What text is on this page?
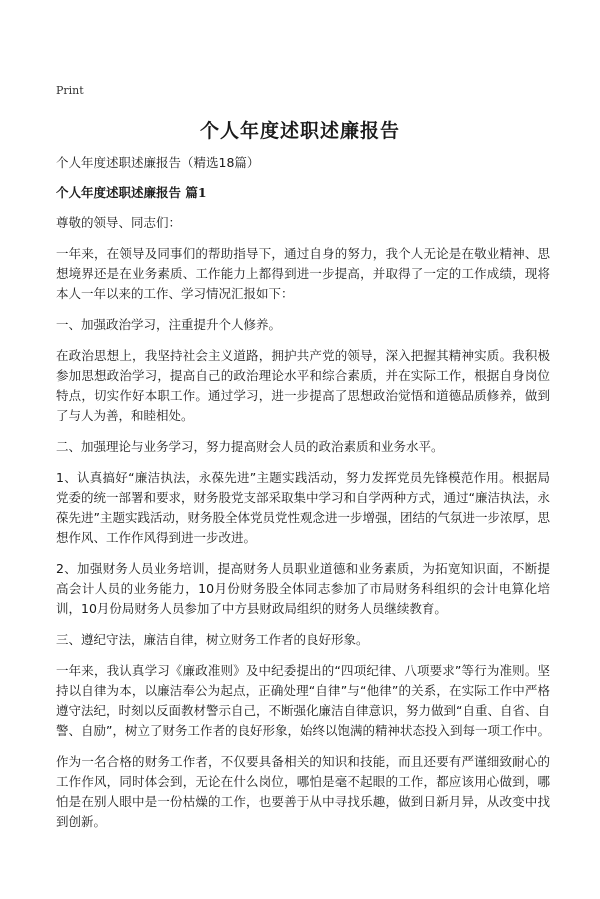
Print
个人年度述职述廉报告
个人年度述职述廉报告（精选18篇）
个人年度述职述廉报告 篇1

尊敬的领导、同志们：

一年来，在领导及同事们的帮助指导下，通过自身的努力，我个人无论是在敬业精神、思想境界还是在业务素质、工作能力上都得到进一步提高，并取得了一定的工作成绩，现将本人一年以来的工作、学习情况汇报如下：

一、加强政治学习，注重提升个人修养。

在政治思想上，我坚持社会主义道路，拥护共产党的领导，深入把握其精神实质。我积极参加思想政治学习，提高自己的政治理论水平和综合素质，并在实际工作，根据自身岗位特点，切实作好本职工作。通过学习，进一步提高了思想政治觉悟和道德品质修养，做到了与人为善，和睦相处。

二、加强理论与业务学习，努力提高财会人员的政治素质和业务水平。

1、认真搞好“廉洁执法，永葆先进”主题实践活动，努力发挥党员先锋模范作用。根据局党委的统一部署和要求，财务股党支部采取集中学习和自学两种方式，通过“廉洁执法，永葆先进”主题实践活动，财务股全体党员党性观念进一步增强，团结的气氛进一步浓厚，思想作风、工作作风得到进一步改进。

2、加强财务人员业务培训，提高财务人员职业道德和业务素质，为拓宽知识面，不断提高会计人员的业务能力，10月份财务股全体同志参加了市局财务科组织的会计电算化培训，10月份局财务人员参加了中方县财政局组织的财务人员继续教育。

三、遵纪守法，廉洁自律，树立财务工作者的良好形象。

一年来，我认真学习《廉政准则》及中纪委提出的“四项纪律、八项要求”等行为准则。坚持以自律为本，以廉洁奉公为起点，正确处理“自律”与“他律”的关系，在实际工作中严格遵守法纪，时刻以反面教材警示自己，不断强化廉洁自律意识，努力做到“自重、自省、自警、自励”，树立了财务工作者的良好形象，始终以饱满的精神状态投入到每一项工作中。

作为一名合格的财务工作者，不仅要具备相关的知识和技能，而且还要有严谨细致耐心的工作作风，同时体会到，无论在什么岗位，哪怕是毫不起眼的工作，都应该用心做到，哪怕是在别人眼中是一份枯燥的工作，也要善于从中寻找乐趣，做到日新月异，从改变中找到创新。
